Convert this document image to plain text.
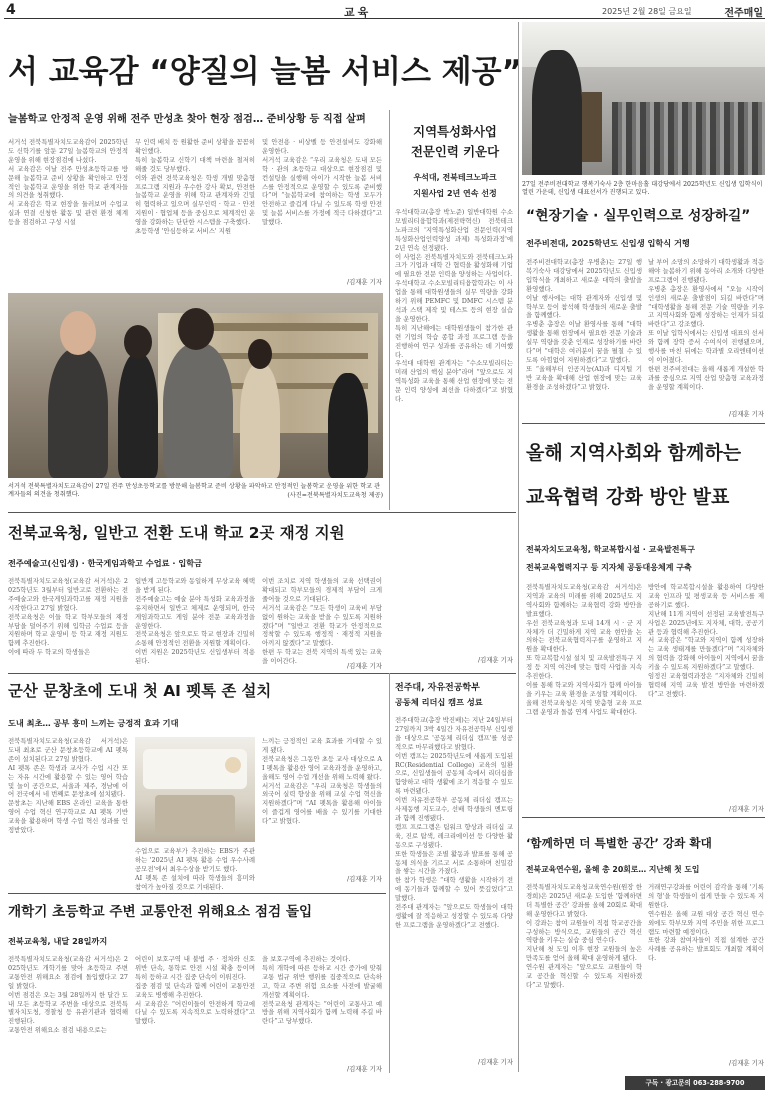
4	교육	2025년 2월 28일 금요일	전주매일
서 교육감 “양질의 늘봄 서비스 제공”
늘봄학교 안정적 운영 위해 전주 만성초 찾아 현장 점검… 준비상황 등 직접 살펴
서거석 전북특별자치도교육감이 2025학년도 신학기를 앞둔 27일 늘봄학교의 안정적 운영을 위해 현장점검에 나섰다.
서 교육감은 이날 전주 만성초등학교를 방문해 늘봄학교 준비 상황을 확인하고 안정적인 늘봄학교 운영을 위한 학교 관계자들의 의견을 청취했다.
서 교육감은 학교 현장을 둘러보며 수업교실과 연결 신청한 활동 및 관련 환경 체계 등을 점검하고 구성 시설
무 인력 배치 등 원활한 준비 상황을 꼼꼼히 확인했다.
특히 늘봄학교 신학기 대책 마련을 철저히 해줄 것도 당부했다.
이와 관련 전북교육청은 학생 개별 맞춤형 프로그램 지원과 우수한 강사 확보, 안전한 늘봄학교 운영을 위해 학교 관계자와 긴밀히 협력하고 있으며 실무인력 · 학교 · 안전지원이 · 협업체 등을 중심으로 체계적인 운영을 강화하는 단단한 시스템을 구축했다.
초등학생 '안심등하교 서비스' 지원
및 안전용 · 비상벨 등 안전설비도 강화해 운영한다.
서거석 교육감은 “우리 교육청은 도내 모든 학 · 관의 초등학교 대상으로 현장점검 및 컨설팅을 실행해 아이가 시작한 늘봄 서비스를 안정적으로 운영할 수 있도록 준비했다”며 “늘봄학교에 참여하는 학생 모두가 안전하고 즐겁게 다닐 수 있도록 학생 안전 및 늘봄 서비스를 가정에 적극 다하겠다”고 말했다.
/김재훈 기자
서거석 전북특별자치도교육감이 27일 전주 만성초등학교를 방문해 늘봄학교 준비 상황을 파악하고 안정적인 늘봄학교 운영을 위한 학교 관계자들의 의견을 청취했다.	(사진=전북특별자치도교육청 제공)
지역특성화사업
전문인력 키운다
우석대, 전북테크노파크
지원사업 2년 연속 선정
우석대학교(총장 박노준) 일반대학원 수소모빌리티융합학과(제전략혁신) 전북테크노파크의 '지역특성화산업 전문인력(지역특성화산업인력양성 과제) 특성화과정'에 2년 연속 선정됐다.
이 사업은 전북특별자치도와 전북테크노파크가 기업과 대학 간 협력을 활성화해 기업에 필요한 전문 인력을 양성하는 사업이다.
우석대학교 수소모빌리티융합학과는 이 사업을 통해 대학원생들의 실무 역량을 강화하기 위해 PEMFC 및 DMFC 시스템 분석과 스택 제작 및 테스트 등의 현장 실습을 운영한다.
특히 지난해에는 대학원생들이 참가한 관련 기업의 학습 종합 과정 프로그램 등을 진행하여 연구 성과를 공유하는 데 기여했다.
우석대 대학원 관계자는 “수소모빌리티는 미래 산업의 핵심 분야”라며 “앞으로도 지역특성화 교육을 통해 산업 현장에 맞는 전문 인력 양성에 최선을 다하겠다”고 밝혔다.
/김재훈 기자
27일 전주비전대학교 행복기숙사 2층 한마음홀 대강당에서 2025학년도 신입생 입학식이 열린 가운데, 신입생 대표선서가 진행되고 있다.
“현장기술 · 실무인력으로 성장하길”
전주비전대, 2025학년도 신입생 입학식 거행
전주비전대학교(총장 우병춘)는 27일 행복기숙사 대강당에서 2025학년도 신입생 입학식을 개최하고 새로운 대학의 출발을 환영했다.
이날 행사에는 대학 관계자와 신입생 및 학부모 등이 참석해 학생들의 새로운 출발을 함께했다.
우병춘 총장은 이날 환영사를 통해 “대학 생활을 통해 현장에서 필요한 전문 기술과 실무 역량을 갖춘 인재로 성장하기를 바란다”며 “대학은 여러분이 꿈을 펼칠 수 있도록 아낌없이 지원하겠다”고 말했다.
또 “올해부터 인공지능(AI)과 디지털 기반 교육을 확대해 산업 현장에 맞는 교육 환경을 조성하겠다”고 밝혔다.
날 부어 소망의 소망하기 대학생활과 적응해야 늘봄하기 위해 동아리 소개와 다양한 프로그램이 진행됐다.
우병춘 총장은 환영사에서 “오늘 시작이 인생의 새로운 출발점이 되길 바란다”며 “대학생활을 통해 전문 기술 역량을 키우고 지역사회와 함께 성장하는 인재가 되길 바란다”고 강조했다.
또 이날 입학식에서는 신입생 대표의 선서와 함께 장학 증서 수여식이 진행됐으며, 행사를 마친 뒤에는 학과별 오리엔테이션이 이어졌다.
한편 전주비전대는 올해 새롭게 개설한 학과를 중심으로 지역 산업 맞춤형 교육과정을 운영할 계획이다.
/김재훈 기자
전북교육청, 일반고 전환 도내 학교 2곳 재정 지원
전주예술고(신입생) · 한국게임과학고 수업료 · 입학금
전북특별자치도교육청(교육감 서거석)은 2025학년도 3월부터 일반고로 전환하는 전주예술고와 한국게임과학고를 재정 지원을 시작한다고 27일 밝혔다.
전북교육청은 이들 학교 학부모들의 재정 부담을 덜어주기 위해 입학금 수업료 등을 지원하며 학교 운영비 등 학교 재정 지원도 함께 추진한다.
이에 따라 두 학교의 학생들은
일반계 고등학교와 동일하게 무상교육 혜택을 받게 된다.
전주예술고는 예술 분야 특성화 교육과정을 유지하면서 일반고 체제로 운영되며, 한국게임과학고도 게임 분야 전문 교육과정을 운영한다.
전북교육청은 앞으로도 학교 현장과 긴밀히 소통해 안정적인 전환을 지원할 계획이다.
이번 지원은 2025학년도 신입생부터 적용된다.
이번 조치로 지역 학생들의 교육 선택권이 확대되고 학부모들의 경제적 부담이 크게 줄어들 것으로 기대된다.
서거석 교육감은 “모든 학생이 교육비 부담 없이 원하는 교육을 받을 수 있도록 지원하겠다”며 “일반고 전환 학교가 안정적으로 정착할 수 있도록 행정적 · 재정적 지원을 아끼지 않겠다”고 말했다.
한편 두 학교는 전북 지역의 특색 있는 교육을 이어간다.
/김재훈 기자
군산 문창초에 도내 첫 AI 펫톡 존 설치
도내 최초… 공부 흥미 느끼는 긍정적 효과 기대
전북특별자치도교육청(교육감 서거석)은 도내 최초로 군산 문창초등학교에 AI 펫톡 존이 설치된다고 27일 밝혔다.
AI 펫톡 존은 학생과 교사가 수업 시간 또는 자유 시간에 활용할 수 있는 영어 학습 및 놀이 공간으로, 서울과 제주, 경남에 이어 전국에서 네 번째로 문창초에 설치됐다.
문창초는 지난해 EBS 온라인 교육을 통한 영어 수업 혁신 연구학교로 AI 펫톡 기반 교육을 활용하며 학생 수업 혁신 성과를 인정받았다.
수업으로 교육부가 추진하는 EBS가 주관하는 '2025년 AI 펫톡 활용 수업 우수사례 공모전'에서 최우수상을 받기도 했다.
AI 펫톡 존 설치에 따라 학생들의 흥미와 참여가 높아질 것으로 기대된다.
느끼는 긍정적인 교육 효과를 기대할 수 있게 됐다.
전북교육청은 그동안 초등 교사 대상으로 AI 펫톡을 활용한 영어 교육과정을 운영하고, 올해도 영어 수업 개선을 위해 노력해 왔다.
서거석 교육감은 “우리 교육청은 학생들의 외국어 실력 향상을 위해 교실 수업 혁신을 지원하겠다”며 “AI 펫톡을 활용해 아이들이 즐겁게 영어를 배울 수 있기를 기대한다”고 밝혔다.
/김재훈 기자
전주대, 자유전공학부
공동체 리더십 캠프 성료
전주대학교(총장 박진배)는 지난 24일부터 27일까지 3박 4일간 자유전공학부 신입생을 대상으로 '공동체 리더십 캠프'를 성공적으로 마무리했다고 밝혔다.
이번 캠프는 2025학년도에 새롭게 도입된 RC(Residential College) 교육의 일환으로, 신입생들이 공동체 속에서 리더십을 함양하고 대학 생활에 조기 적응할 수 있도록 마련됐다.
이번 자유전공학부 공동체 리더십 캠프는 사제동행 지도교수, 선배 학생들의 멘토링과 함께 진행됐다.
캠프 프로그램은 팀워크 향상과 리더십 교육, 진로 탐색, 레크리에이션 등 다양한 활동으로 구성됐다.
또한 학생들은 조별 활동과 발표를 통해 공동체 의식을 기르고 서로 소통하며 친밀감을 쌓는 시간을 가졌다.
한 참가 학생은 “대학 생활을 시작하기 전에 동기들과 함께할 수 있어 뜻깊었다”고 말했다.
전주대 관계자는 “앞으로도 학생들이 대학 생활에 잘 적응하고 성장할 수 있도록 다양한 프로그램을 운영하겠다”고 전했다.
/김재훈 기자
개학기 초등학교 주변 교통안전 위해요소 점검 돌입
전북교육청, 내달 28일까지
전북특별자치도교육청(교육감 서거석)은 2025학년도 개학기를 맞아 초등학교 주변 교통안전 위해요소 점검에 돌입했다고 27일 밝혔다.
이번 점검은 오는 3월 28일까지 한 달간 도내 모든 초등학교 주변을 대상으로 전북특별자치도청, 경찰청 등 유관기관과 협력해 진행된다.
교통안전 위해요소 점검 내용으로는
어린이 보호구역 내 불법 주 · 정차와 신호 위반 단속, 통학로 안전 시설 확충 등이며 특히 등하교 시간 집중 단속이 이뤄진다.
집중 점검 및 단속과 함께 어린이 교통안전 교육도 병행해 추진한다.
서 교육감은 “어린이들이 안전하게 학교에 다닐 수 있도록 지속적으로 노력하겠다”고 말했다.
을 보호구역에 추진하는 것이다.
특히 개학에 따른 등하교 시간 증가에 맞춰 교통 법규 위반 행위를 집중적으로 단속하고, 학교 주변 위험 요소를 사전에 발굴해 개선할 계획이다.
전북교육청 관계자는 “어린이 교통사고 예방을 위해 지역사회가 함께 노력해 주길 바란다”고 당부했다.
/김재훈 기자
올해 지역사회와 함께하는
교육협력 강화 방안 발표
전북자치도교육청, 학교복합시설 · 교육발전특구
전북교육협력지구 등 지자체 공동대응체계 구축
전북특별자치도교육청(교육감 서거석)은 지역과 교육의 미래를 위해 2025년도 지역사회와 함께하는 교육협력 강화 방안을 발표했다.
우선 전북교육청과 도내 14개 시 · 군 지자체가 더 긴밀하게 지역 교육 현안을 논의하는 전북교육협력지구를 운영하고 지원을 확대한다.
또 학교복합시설 설치 및 교육발전특구 지정 등 지역 여건에 맞는 협력 사업을 지속 추진한다.
이를 통해 학교와 지역사회가 함께 아이들을 키우는 교육 환경을 조성할 계획이다.
올해 전북교육청은 지역 맞춤형 교육 프로그램 운영과 돌봄 연계 사업도 확대한다.
방안에 학교복합시설을 활용하여 다양한 교육 인프라 및 평생교육 등 서비스를 제공하기로 했다.
지난해 11개 지역이 선정된 교육발전특구 사업은 2025년에도 지자체, 대학, 공공기관 등과 협력해 추진한다.
서 교육감은 “학교와 지역이 함께 성장하는 교육 생태계를 만들겠다”며 “지자체와의 협력을 강화해 아이들이 지역에서 꿈을 키울 수 있도록 지원하겠다”고 말했다.
임정진 교육협력과장은 “지자체와 긴밀히 협력해 지역 교육 발전 방안을 마련하겠다”고 전했다.
/김재훈 기자
‘함께하면 더 특별한 공간’ 강좌 확대
전북교육연수원, 올해 총 20회로… 지난해 첫 도입
전북특별자치도교육청교육연수원(원장 한경희)은 2025년 새로운 도입한 '함께하면 더 특별한 공간' 강좌를 올해 20회로 확대해 운영한다고 밝혔다.
이 강좌는 참여 교원들이 직접 학교공간을 구성하는 방식으로, 교원들의 공간 혁신 역량을 키우는 실습 중심 연수다.
지난해 첫 도입 이후 현장 교원들의 높은 만족도를 얻어 올해 확대 운영하게 됐다.
연수원 관계자는 “앞으로도 교원들이 학교 공간을 혁신할 수 있도록 지원하겠다”고 말했다.
거래연구강좌를 어린이 감각을 통해 '기록의 형'을 학생들이 쉽게 만들 수 있도록 지원한다.
연수원은 올해 교원 대상 공간 혁신 연수 외에도 학부모와 지역 주민을 위한 프로그램도 마련할 예정이다.
또한 강좌 참여자들이 직접 설계한 공간 사례를 공유하는 발표회도 개최할 계획이다.
/김재훈 기자
구독 · 광고문의 063-288-9700
